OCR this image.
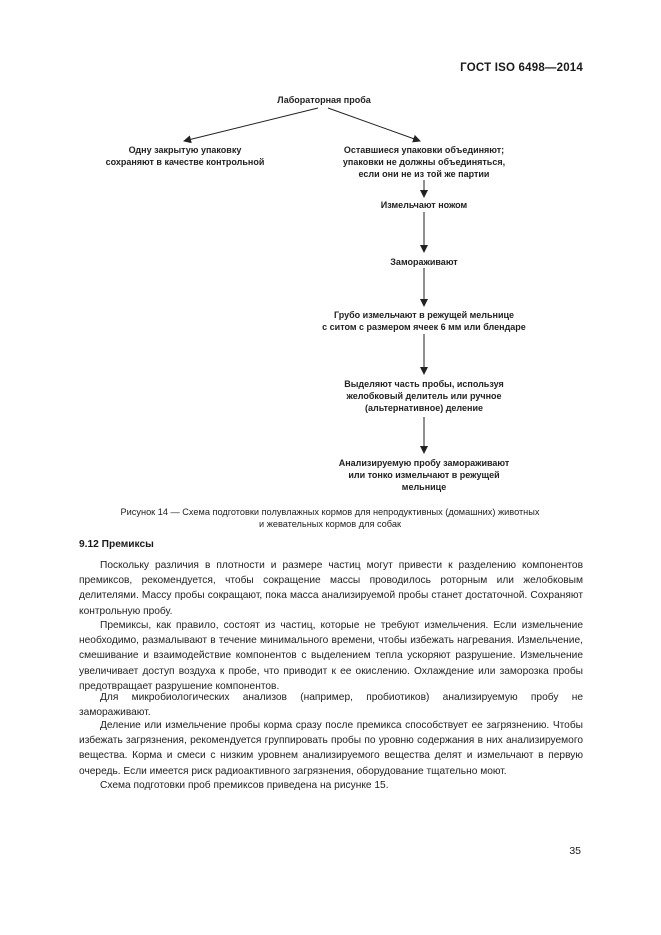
ГОСТ ISO 6498—2014
Лабораторная проба
Одну закрытую упаковку
сохраняют в качестве контрольной
Оставшиеся упаковки объединяют;
упаковки не должны объединяться,
если они не из той же партии
Измельчают ножом
Замораживают
Грубо измельчают в режущей мельнице
с ситом с размером ячеек 6 мм или блендаре
Выделяют часть пробы, используя
желобковый делитель или ручное
(альтернативное) деление
Анализируемую пробу замораживают
или тонко измельчают в режущей
мельнице
Рисунок 14 — Схема подготовки полувлажных кормов для непродуктивных (домашних) животных
и жевательных кормов для собак
9.12 Премиксы
Поскольку различия в плотности и размере частиц могут привести к разделению компонентов премиксов, рекомендуется, чтобы сокращение массы проводилось роторным или желобковым делителями. Массу пробы сокращают, пока масса анализируемой пробы станет достаточной. Сохраняют контрольную пробу.
Премиксы, как правило, состоят из частиц, которые не требуют измельчения. Если измельчение необходимо, размалывают в течение минимального времени, чтобы избежать нагревания. Измельчение, смешивание и взаимодействие компонентов с выделением тепла ускоряют разрушение. Измельчение увеличивает доступ воздуха к пробе, что приводит к ее окислению. Охлаждение или заморозка пробы предотвращает разрушение компонентов.
Для микробиологических анализов (например, пробиотиков) анализируемую пробу не замораживают.
Деление или измельчение пробы корма сразу после премикса способствует ее загрязнению. Чтобы избежать загрязнения, рекомендуется группировать пробы по уровню содержания в них анализируемого вещества. Корма и смеси с низким уровнем анализируемого вещества делят и измельчают в первую очередь. Если имеется риск радиоактивного загрязнения, оборудование тщательно моют.
Схема подготовки проб премиксов приведена на рисунке 15.
35
